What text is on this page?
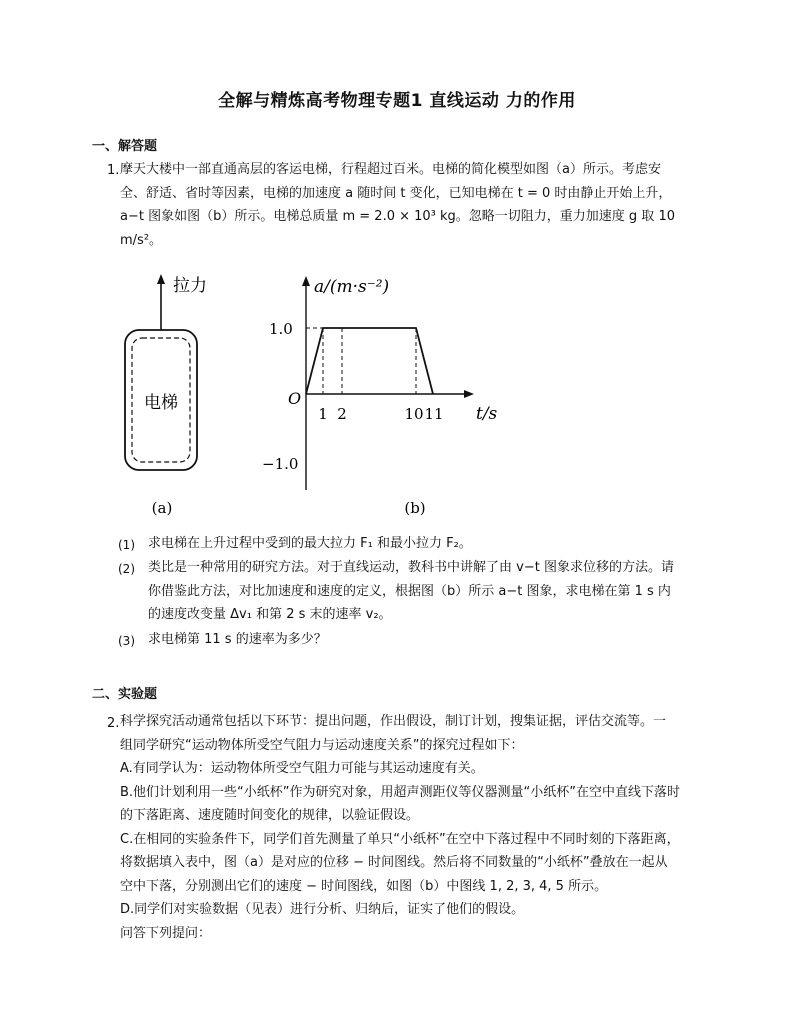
全解与精炼高考物理专题1 直线运动 力的作用
一、解答题
1. 摩天大楼中一部直通高层的客运电梯，行程超过百米。电梯的简化模型如图（a）所示。考虑安
全、舒适、省时等因素，电梯的加速度 a 随时间 t 变化，已知电梯在 t = 0 时由静止开始上升，
a−t 图象如图（b）所示。电梯总质量 m = 2.0 × 10³ kg。忽略一切阻力，重力加速度 g 取 10
m/s²。
拉力
电梯
(a)
a/(m·s⁻²)
t/s
O
1.0
−1.0
1 2	10 11
(b)
(1) 求电梯在上升过程中受到的最大拉力 F₁ 和最小拉力 F₂。
(2) 类比是一种常用的研究方法。对于直线运动，教科书中讲解了由 v−t 图象求位移的方法。请
你借鉴此方法，对比加速度和速度的定义，根据图（b）所示 a−t 图象，求电梯在第 1 s 内
的速度改变量 Δv₁ 和第 2 s 末的速率 v₂。
(3) 求电梯第 11 s 的速率为多少？
二、实验题
2. 科学探究活动通常包括以下环节：提出问题，作出假设，制订计划，搜集证据，评估交流等。一
组同学研究“运动物体所受空气阻力与运动速度关系”的探究过程如下：
A.有同学认为：运动物体所受空气阻力可能与其运动速度有关。
B.他们计划利用一些“小纸杯”作为研究对象，用超声测距仪等仪器测量“小纸杯”在空中直线下落时
的下落距离、速度随时间变化的规律，以验证假设。
C.在相同的实验条件下，同学们首先测量了单只“小纸杯”在空中下落过程中不同时刻的下落距离，
将数据填入表中，图（a）是对应的位移 − 时间图线。然后将不同数量的“小纸杯”叠放在一起从
空中下落，分别测出它们的速度 − 时间图线，如图（b）中图线 1, 2, 3, 4, 5 所示。
D.同学们对实验数据（见表）进行分析、归纳后，证实了他们的假设。
问答下列提问：
